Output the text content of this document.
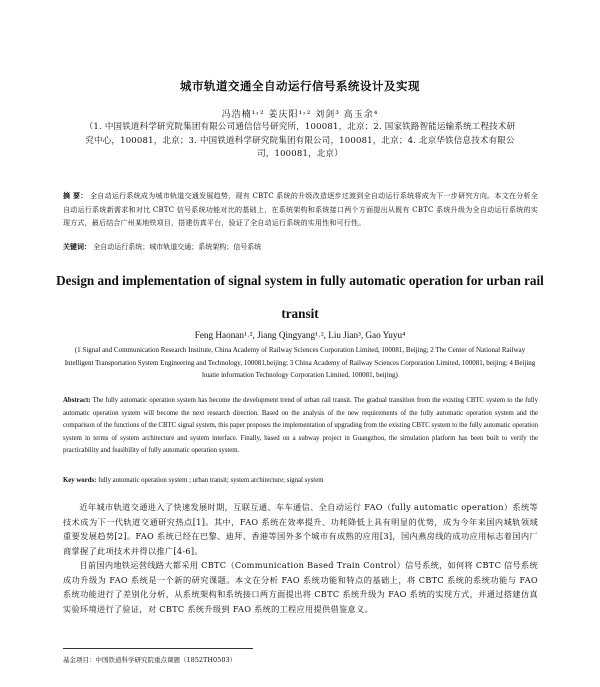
城市轨道交通全自动运行信号系统设计及实现
冯浩楠¹˒² 姜庆阳¹˒² 刘剑³ 高玉余⁴
（1. 中国铁道科学研究院集团有限公司通信信号研究所，100081，北京；2. 国家铁路智能运输系统工程技术研究中心，100081，北京；3. 中国铁道科学研究院集团有限公司，100081，北京；4. 北京华铁信息技术有限公司，100081，北京）
摘 要： 全自动运行系统成为城市轨道交通发展趋势，现有 CBTC 系统的升级改造逐步过渡到全自动运行系统将成为下一步研究方向。本文在分析全自动运行系统新需求和对比 CBTC 信号系统功能对比的基础上，在系统架构和系统接口两个方面提出从既有 CBTC 系统升级为全自动运行系统的实现方式，最后结合广州某地铁项目，搭建仿真平台，验证了全自动运行系统的实用性和可行性。
关键词： 全自动运行系统；城市轨道交通；系统架构；信号系统
Design and implementation of signal system in fully automatic operation for urban rail transit
Feng Haonan¹˒², Jiang Qingyang¹˒², Liu Jian³, Gao Yuyu⁴
(1 Signal and Communication Research Institute, China Academy of Railway Sciences Corporation Limited, 100081, Beijing; 2 The Center of National Railway Intelligent Transportation System Engineering and Technology, 100081,beijing; 3 China Academy of Railway Sciences Corporation Limited, 100081, beijing; 4 Beijing huatie information Technology Corporation Limited, 100081, beijing)
Abstract: The fully automatic operation system has become the development trend of urban rail transit. The gradual transition from the existing CBTC system to the fully automatic operation system will become the next research direction. Based on the analysis of the new requirements of the fully automatic operation system and the comparison of the functions of the CBTC signal system, this paper proposes the implementation of upgrading from the existing CBTC system to the fully automatic operation system in terms of system architecture and system interface. Finally, based on a subway project in Guangzhou, the simulation platform has been built to verify the practicability and feasibility of fully automatic operation system.
Key words: fully automatic operation system ; urban transit; system architecture; signal system

近年城市轨道交通进入了快速发展时期，互联互通、车车通信、全自动运行 FAO（fully automatic operation）系统等技术成为下一代轨道交通研究热点[1]。其中，FAO 系统在效率提升、功耗降低上具有明显的优势，成为今年来国内城轨领域重要发展趋势[2]。FAO 系统已经在巴黎、迪拜、香港等国外多个城市有成熟的应用[3]，国内燕房线的成功应用标志着国内厂商掌握了此项技术并得以推广[4-6]。

目前国内地铁运营线路大都采用 CBTC（Communication Based Train Control）信号系统，如何将 CBTC 信号系统成功升级为 FAO 系统是一个新的研究课题。本文在分析 FAO 系统功能和特点的基础上，将 CBTC 系统的系统功能与 FAO 系统功能进行了差别化分析，从系统架构和系统接口两方面提出将 CBTC 系统升级为 FAO 系统的实现方式，并通过搭建仿真实验环境进行了验证，对 CBTC 系统升级到 FAO 系统的工程应用提供借鉴意义。

基金项目：中国铁道科学研究院重点课题（1852TH0503）
